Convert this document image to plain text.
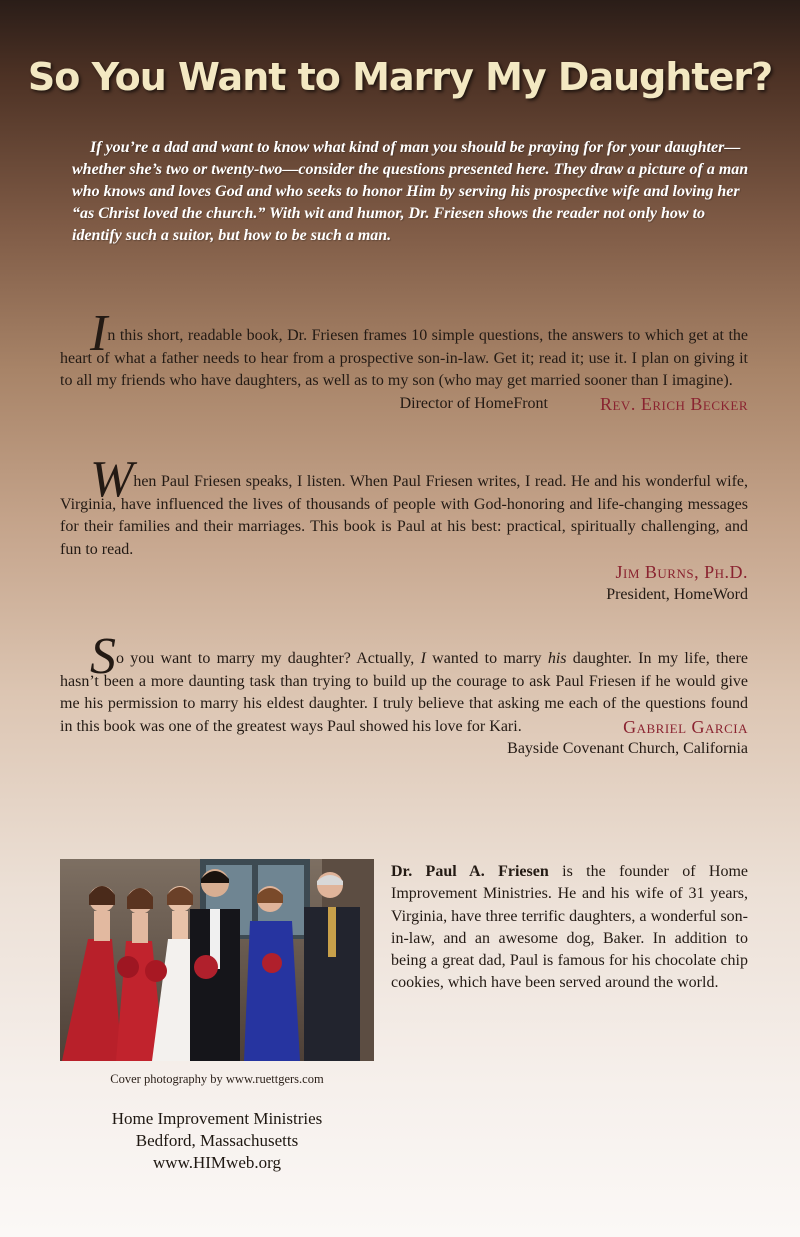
So You Want to Marry My Daughter?
If you’re a dad and want to know what kind of man you should be praying for for your daughter—whether she’s two or twenty-two—consider the questions presented here. They draw a picture of a man who knows and loves God and who seeks to honor Him by serving his prospective wife and loving her “as Christ loved the church.” With wit and humor, Dr. Friesen shows the reader not only how to identify such a suitor, but how to be such a man.

In this short, readable book, Dr. Friesen frames 10 simple questions, the answers to which get at the heart of what a father needs to hear from a prospective son-in-law. Get it; read it; use it. I plan on giving it to all my friends who have daughters, as well as to my son (who may get married sooner than I imagine).
Rev. Erich Becker

Director of HomeFront

When Paul Friesen speaks, I listen. When Paul Friesen writes, I read. He and his wonderful wife, Virginia, have influenced the lives of thousands of people with God-honoring and life-changing messages for their families and their marriages. This book is Paul at his best: practical, spiritually challenging, and fun to read.

Jim Burns, Ph.D.
President, HomeWord

So you want to marry my daughter? Actually, I wanted to marry his daughter. In my life, there hasn’t been a more daunting task than trying to build up the courage to ask Paul Friesen if he would give me his permission to marry his eldest daughter. I truly believe that asking me each of the questions found in this book was one of the greatest ways Paul showed his love for Kari.	Gabriel Garcia

Bayside Covenant Church, California
Cover photography by www.ruettgers.com
Home Improvement Ministries
Bedford, Massachusetts
www.HIMweb.org
Dr. Paul A. Friesen is the founder of Home Improvement Ministries. He and his wife of 31 years, Virginia, have three terrific daughters, a wonderful son-in-law, and an awesome dog, Baker. In addition to being a great dad, Paul is famous for his chocolate chip cookies, which have been served around the world.
